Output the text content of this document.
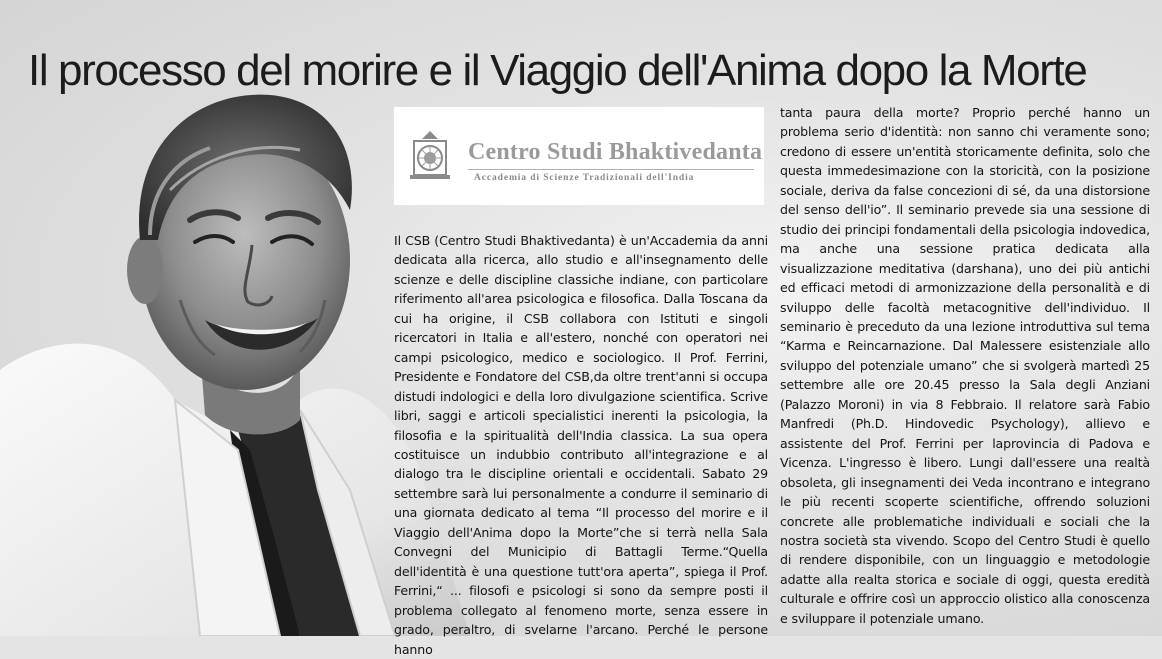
Il processo del morire e il Viaggio dell'Anima dopo la Morte
Centro Studi Bhaktivedanta
Accademia di Scienze Tradizionali dell'India

Il CSB (Centro Studi Bhaktivedanta) è un'Accademia da anni dedicata alla ricerca, allo studio e all'insegnamento delle scienze e delle discipline classiche indiane, con particolare riferimento all'area psicologica e filosofica. Dalla Toscana da cui ha origine, il CSB collabora con Istituti e singoli ricercatori in Italia e all'estero, nonché con operatori nei campi psicologico, medico e sociologico. Il Prof. Ferrini, Presidente e Fondatore del CSB,da oltre trent'anni si occupa distudi indologici e della loro divulgazione scientifica. Scrive libri, saggi e articoli specialistici inerenti la psicologia, la filosofia e la spiritualità dell'India classica. La sua opera costituisce un indubbio contributo all'integrazione e al dialogo tra le discipline orientali e occidentali. Sabato 29 settembre sarà lui personalmente a condurre il seminario di una giornata dedicato al tema “Il processo del morire e il Viaggio dell'Anima dopo la Morte”che si terrà nella Sala Convegni del Municipio di Battagli Terme.“Quella dell'identità è una questione tutt'ora aperta”, spiega il Prof. Ferrini,“ ... filosofi e psicologi si sono da sempre posti il problema collegato al fenomeno morte, senza essere in grado, peraltro, di svelarne l'arcano. Perché le persone hanno

tanta paura della morte? Proprio perché hanno un problema serio d'identità: non sanno chi veramente sono; credono di essere un'entità storicamente definita, solo che questa immedesimazione con la storicità, con la posizione sociale, deriva da false concezioni di sé, da una distorsione del senso dell'io”. Il seminario prevede sia una sessione di studio dei principi fondamentali della psicologia indovedica, ma anche una sessione pratica dedicata alla visualizzazione meditativa (darshana), uno dei più antichi ed efficaci metodi di armonizzazione della personalità e di sviluppo delle facoltà metacognitive dell'individuo. Il seminario è preceduto da una lezione introduttiva sul tema “Karma e Reincarnazione. Dal Malessere esistenziale allo sviluppo del potenziale umano” che si svolgerà martedì 25 settembre alle ore 20.45 presso la Sala degli Anziani (Palazzo Moroni) in via 8 Febbraio. Il relatore sarà Fabio Manfredi (Ph.D. Hindovedic Psychology), allievo e assistente del Prof. Ferrini per laprovincia di Padova e Vicenza. L'ingresso è libero. Lungi dall'essere una realtà obsoleta, gli insegnamenti dei Veda incontrano e integrano le più recenti scoperte scientifiche, offrendo soluzioni concrete alle problematiche individuali e sociali che la nostra società sta vivendo. Scopo del Centro Studi è quello di rendere disponibile, con un linguaggio e metodologie adatte alla realta storica e sociale di oggi, questa eredità culturale e offrire così un approccio olistico alla conoscenza e sviluppare il potenziale umano.
